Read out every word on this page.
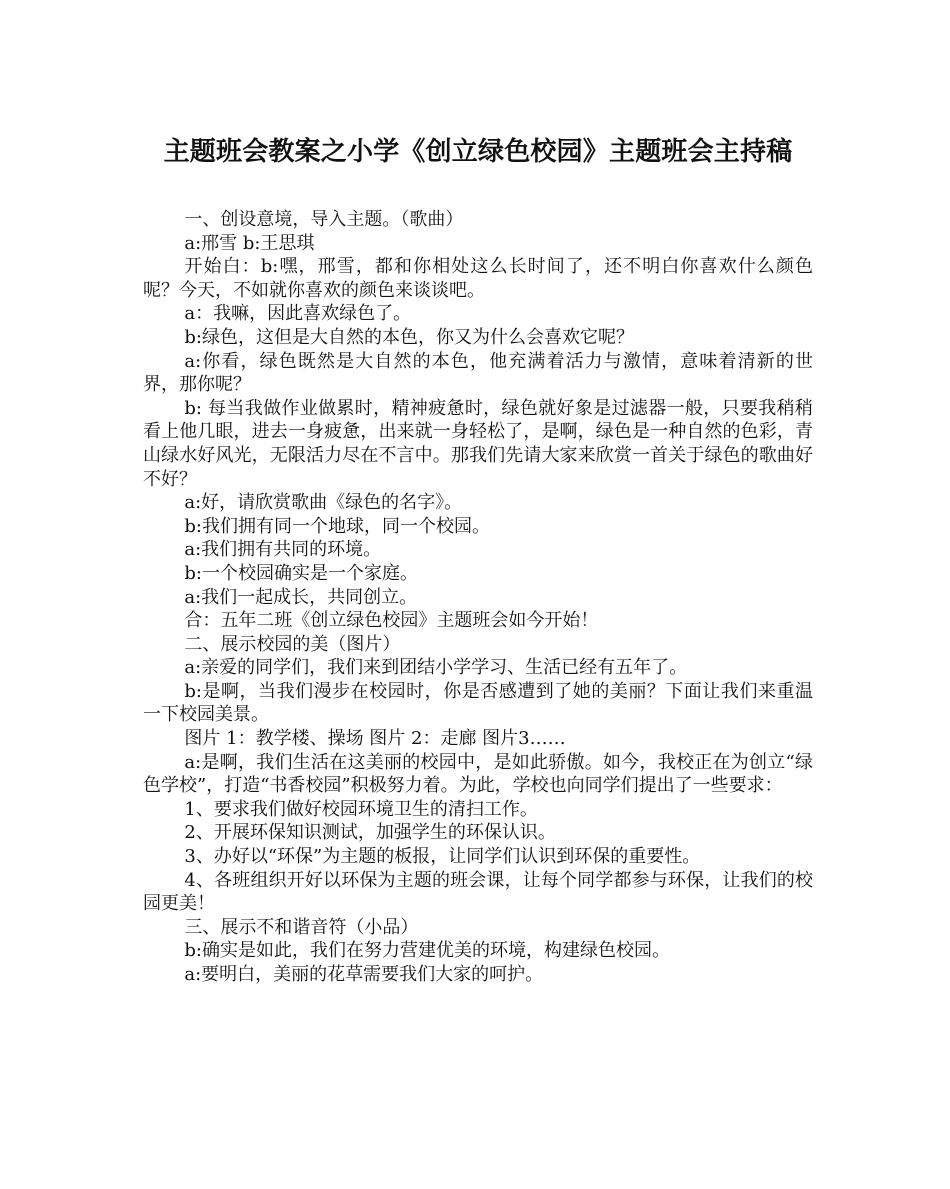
主题班会教案之小学《创立绿色校园》主题班会主持稿

一、创设意境，导入主题。（歌曲）

a:邢雪 b:王思琪

开始白：b:嘿，邢雪，都和你相处这么长时间了，还不明白你喜欢什么颜色呢？今天，不如就你喜欢的颜色来谈谈吧。

a：我嘛，因此喜欢绿色了。

b:绿色，这但是大自然的本色，你又为什么会喜欢它呢？

a:你看，绿色既然是大自然的本色，他充满着活力与激情，意味着清新的世界，那你呢？

b: 每当我做作业做累时，精神疲惫时，绿色就好象是过滤器一般，只要我稍稍看上他几眼，进去一身疲惫，出来就一身轻松了，是啊，绿色是一种自然的色彩，青山绿水好风光，无限活力尽在不言中。那我们先请大家来欣赏一首关于绿色的歌曲好不好？

a:好，请欣赏歌曲《绿色的名字》。

b:我们拥有同一个地球，同一个校园。

a:我们拥有共同的环境。

b:一个校园确实是一个家庭。

a:我们一起成长，共同创立。

合：五年二班《创立绿色校园》主题班会如今开始！

二、展示校园的美（图片）

a:亲爱的同学们，我们来到团结小学学习、生活已经有五年了。

b:是啊，当我们漫步在校园时，你是否感遭到了她的美丽？下面让我们来重温一下校园美景。

图片 1：教学楼、操场 图片 2：走廊 图片3……

a:是啊，我们生活在这美丽的校园中，是如此骄傲。如今，我校正在为创立“绿色学校”，打造“书香校园”积极努力着。为此，学校也向同学们提出了一些要求：

1、要求我们做好校园环境卫生的清扫工作。

2、开展环保知识测试，加强学生的环保认识。

3、办好以“环保”为主题的板报，让同学们认识到环保的重要性。

4、各班组织开好以环保为主题的班会课，让每个同学都参与环保，让我们的校园更美！

三、展示不和谐音符（小品）

b:确实是如此，我们在努力营建优美的环境，构建绿色校园。

a:要明白，美丽的花草需要我们大家的呵护。
